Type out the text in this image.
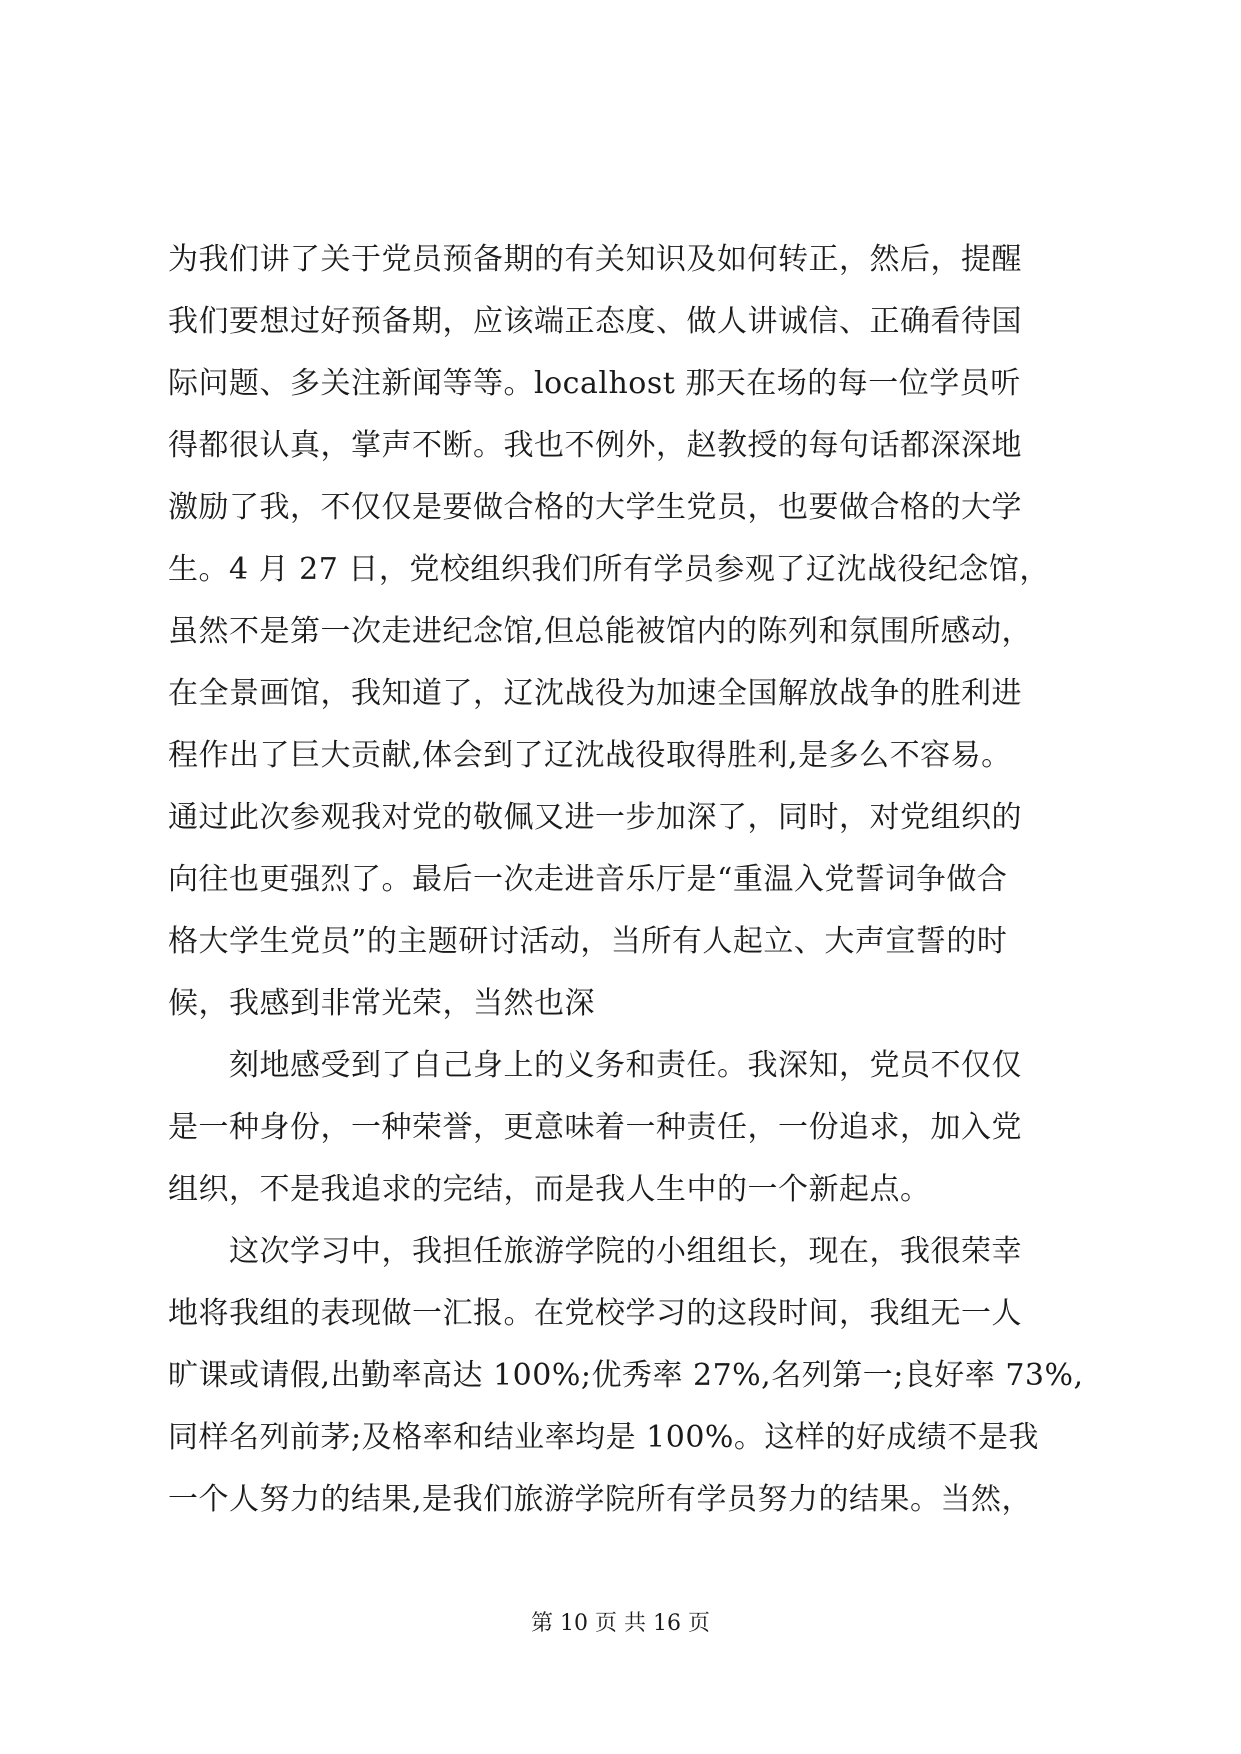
为我们讲了关于党员预备期的有关知识及如何转正，然后，提醒
我们要想过好预备期，应该端正态度、做人讲诚信、正确看待国
际问题、多关注新闻等等。localhost 那天在场的每一位学员听
得都很认真，掌声不断。我也不例外，赵教授的每句话都深深地
激励了我，不仅仅是要做合格的大学生党员，也要做合格的大学
生。4 月 27 日，党校组织我们所有学员参观了辽沈战役纪念馆，
虽然不是第一次走进纪念馆,但总能被馆内的陈列和氛围所感动，
在全景画馆，我知道了，辽沈战役为加速全国解放战争的胜利进
程作出了巨大贡献,体会到了辽沈战役取得胜利,是多么不容易。
通过此次参观我对党的敬佩又进一步加深了，同时，对党组织的
向往也更强烈了。最后一次走进音乐厅是“重温入党誓词争做合
格大学生党员”的主题研讨活动，当所有人起立、大声宣誓的时
候，我感到非常光荣，当然也深
　　刻地感受到了自己身上的义务和责任。我深知，党员不仅仅
是一种身份，一种荣誉，更意味着一种责任，一份追求，加入党
组织，不是我追求的完结，而是我人生中的一个新起点。
　　这次学习中，我担任旅游学院的小组组长，现在，我很荣幸
地将我组的表现做一汇报。在党校学习的这段时间，我组无一人
旷课或请假,出勤率高达 100%;优秀率 27%,名列第一;良好率 73%,
同样名列前茅;及格率和结业率均是 100%。这样的好成绩不是我
一个人努力的结果,是我们旅游学院所有学员努力的结果。当然，
第 10 页 共 16 页
